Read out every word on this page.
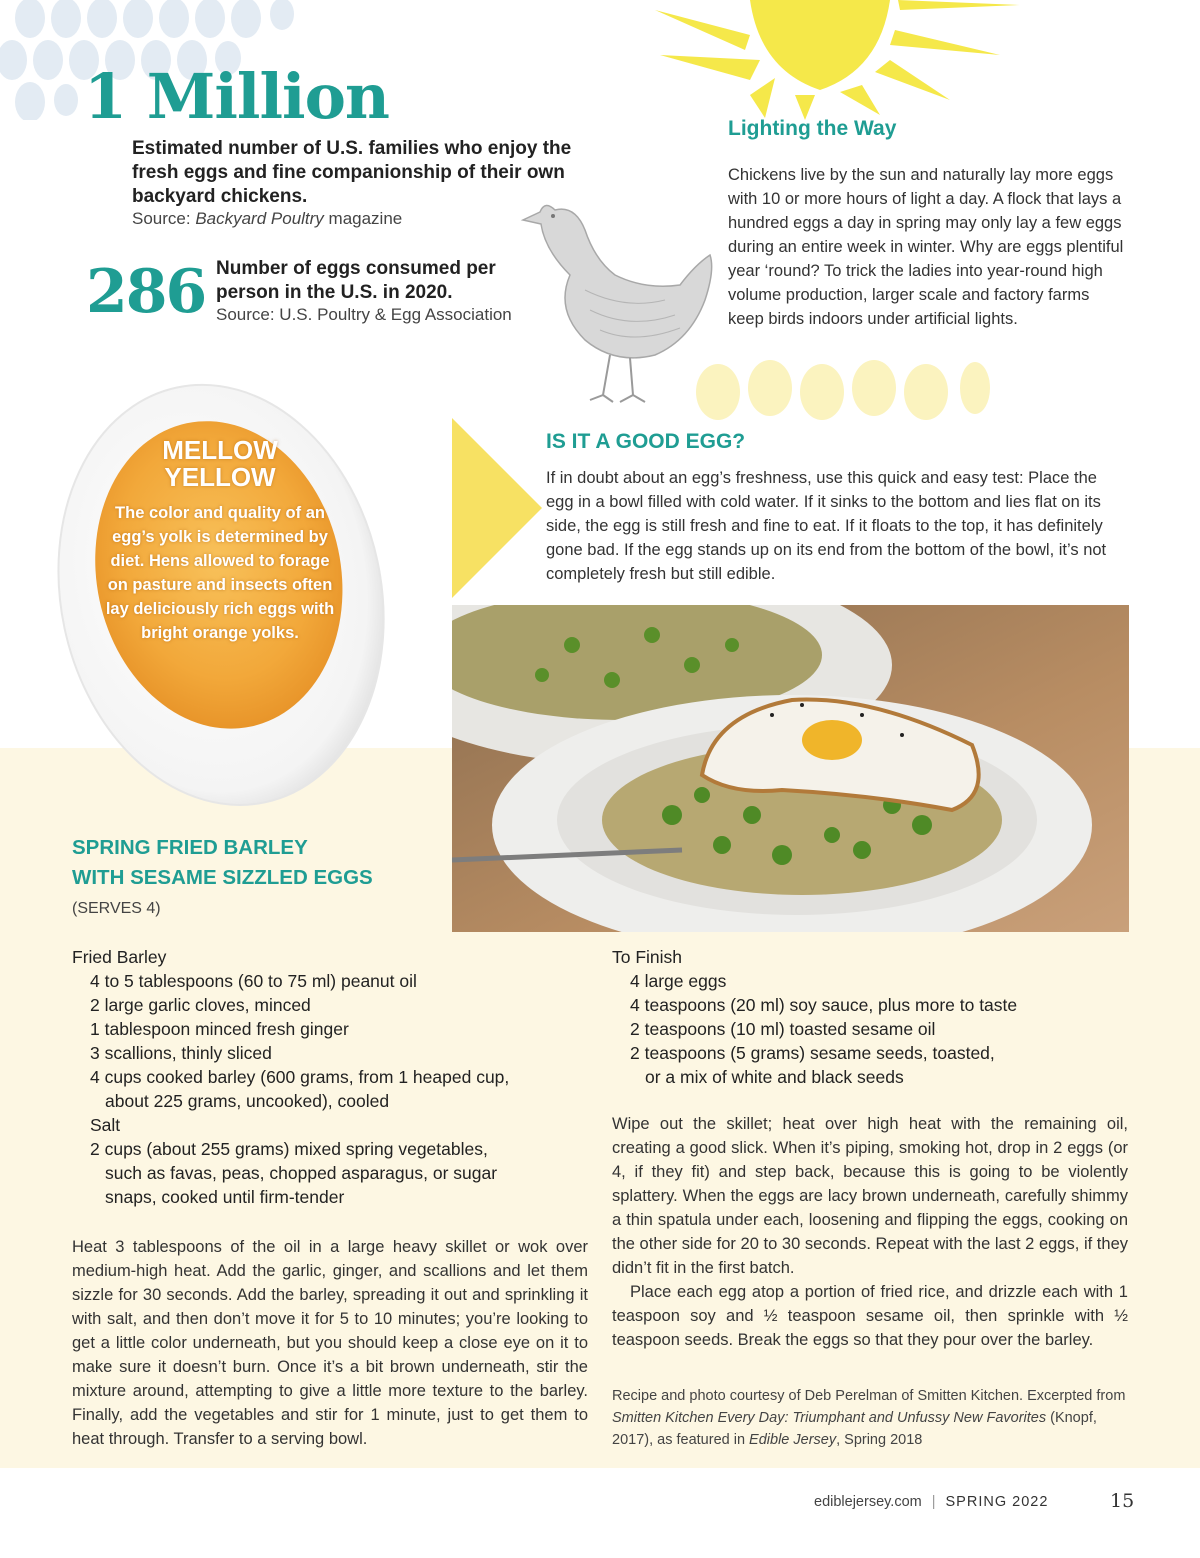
1 Million
Estimated number of U.S. families who enjoy the fresh eggs and fine companionship of their own backyard chickens.
Source: Backyard Poultry magazine
286 Number of eggs consumed per person in the U.S. in 2020.
Source: U.S. Poultry & Egg Association
Lighting the Way
Chickens live by the sun and naturally lay more eggs with 10 or more hours of light a day. A flock that lays a hundred eggs a day in spring may only lay a few eggs during an entire week in winter. Why are eggs plentiful year ‘round? To trick the ladies into year-round high volume production, larger scale and factory farms keep birds indoors under artificial lights.
MELLOW
YELLOW
The color and quality of an egg’s yolk is determined by diet. Hens allowed to forage on pasture and insects often lay deliciously rich eggs with bright orange yolks.
IS IT A GOOD EGG?
If in doubt about an egg’s freshness, use this quick and easy test: Place the egg in a bowl filled with cold water. If it sinks to the bottom and lies flat on its side, the egg is still fresh and fine to eat. If it floats to the top, it has definitely gone bad. If the egg stands up on its end from the bottom of the bowl, it’s not completely fresh but still edible.
SPRING FRIED BARLEY
WITH SESAME SIZZLED EGGS
(SERVES 4)
Fried Barley
4 to 5 tablespoons (60 to 75 ml) peanut oil
2 large garlic cloves, minced
1 tablespoon minced fresh ginger
3 scallions, thinly sliced
4 cups cooked barley (600 grams, from 1 heaped cup,
about 225 grams, uncooked), cooled
Salt
2 cups (about 255 grams) mixed spring vegetables,
such as favas, peas, chopped asparagus, or sugar
snaps, cooked until firm-tender
To Finish
4 large eggs
4 teaspoons (20 ml) soy sauce, plus more to taste
2 teaspoons (10 ml) toasted sesame oil
2 teaspoons (5 grams) sesame seeds, toasted,
or a mix of white and black seeds
Heat 3 tablespoons of the oil in a large heavy skillet or wok over medium-high heat. Add the garlic, ginger, and scallions and let them sizzle for 30 seconds. Add the barley, spreading it out and sprinkling it with salt, and then don’t move it for 5 to 10 minutes; you’re looking to get a little color underneath, but you should keep a close eye on it to make sure it doesn’t burn. Once it’s a bit brown underneath, stir the mixture around, attempting to give a little more texture to the barley. Finally, add the vegetables and stir for 1 minute, just to get them to heat through. Transfer to a serving bowl.
Wipe out the skillet; heat over high heat with the remaining oil, creating a good slick. When it’s piping, smoking hot, drop in 2 eggs (or 4, if they fit) and step back, because this is going to be violently splattery. When the eggs are lacy brown underneath, carefully shimmy a thin spatula under each, loosening and flipping the eggs, cooking on the other side for 20 to 30 seconds. Repeat with the last 2 eggs, if they didn’t fit in the first batch.
Place each egg atop a portion of fried rice, and drizzle each with 1 teaspoon soy and ½ teaspoon sesame oil, then sprinkle with ½ teaspoon seeds. Break the eggs so that they pour over the barley.
Recipe and photo courtesy of Deb Perelman of Smitten Kitchen. Excerpted from Smitten Kitchen Every Day: Triumphant and Unfussy New Favorites (Knopf, 2017), as featured in Edible Jersey, Spring 2018
ediblejersey.com | SPRING 2022	15
